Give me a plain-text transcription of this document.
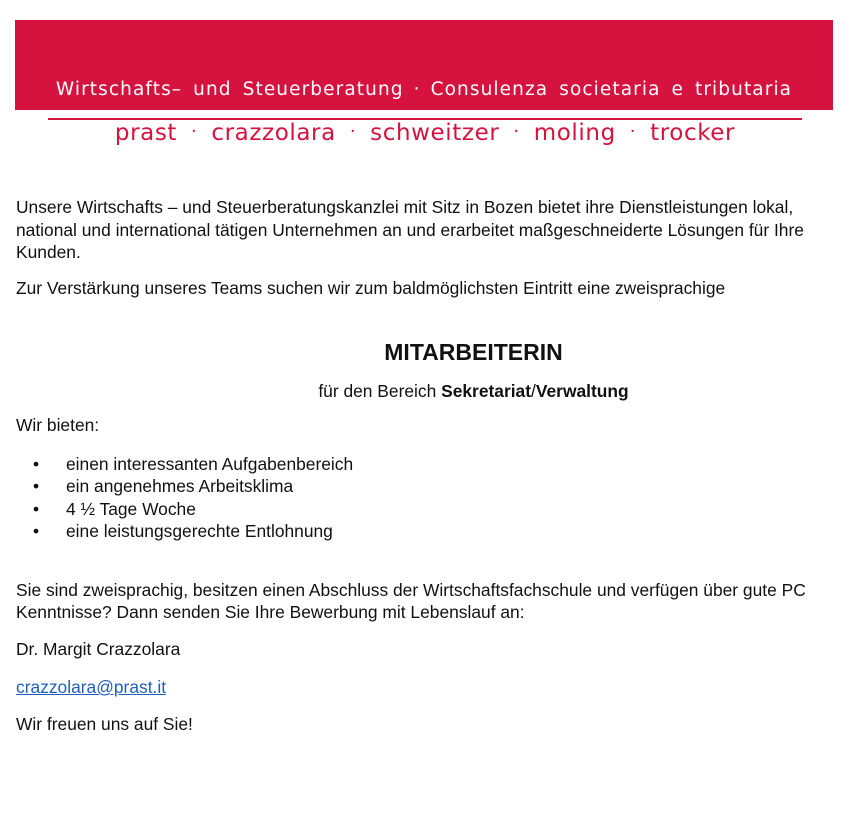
Wirtschafts– und Steuerberatung · Consulenza societaria e tributaria
prast · crazzolara · schweitzer · moling · trocker

Unsere Wirtschafts – und Steuerberatungskanzlei mit Sitz in Bozen bietet ihre Dienstleistungen lokal, national und international tätigen Unternehmen an und erarbeitet maßgeschneiderte Lösungen für Ihre Kunden.

Zur Verstärkung unseres Teams suchen wir zum baldmöglichsten Eintritt eine zweisprachige

MITARBEITERIN

für den Bereich Sekretariat/Verwaltung

Wir bieten:

• einen interessanten Aufgabenbereich
• ein angenehmes Arbeitsklima
• 4 ½ Tage Woche
• eine leistungsgerechte Entlohnung

Sie sind zweisprachig, besitzen einen Abschluss der Wirtschaftsfachschule und verfügen über gute PC Kenntnisse? Dann senden Sie Ihre Bewerbung mit Lebenslauf an:

Dr. Margit Crazzolara

crazzolara@prast.it

Wir freuen uns auf Sie!
